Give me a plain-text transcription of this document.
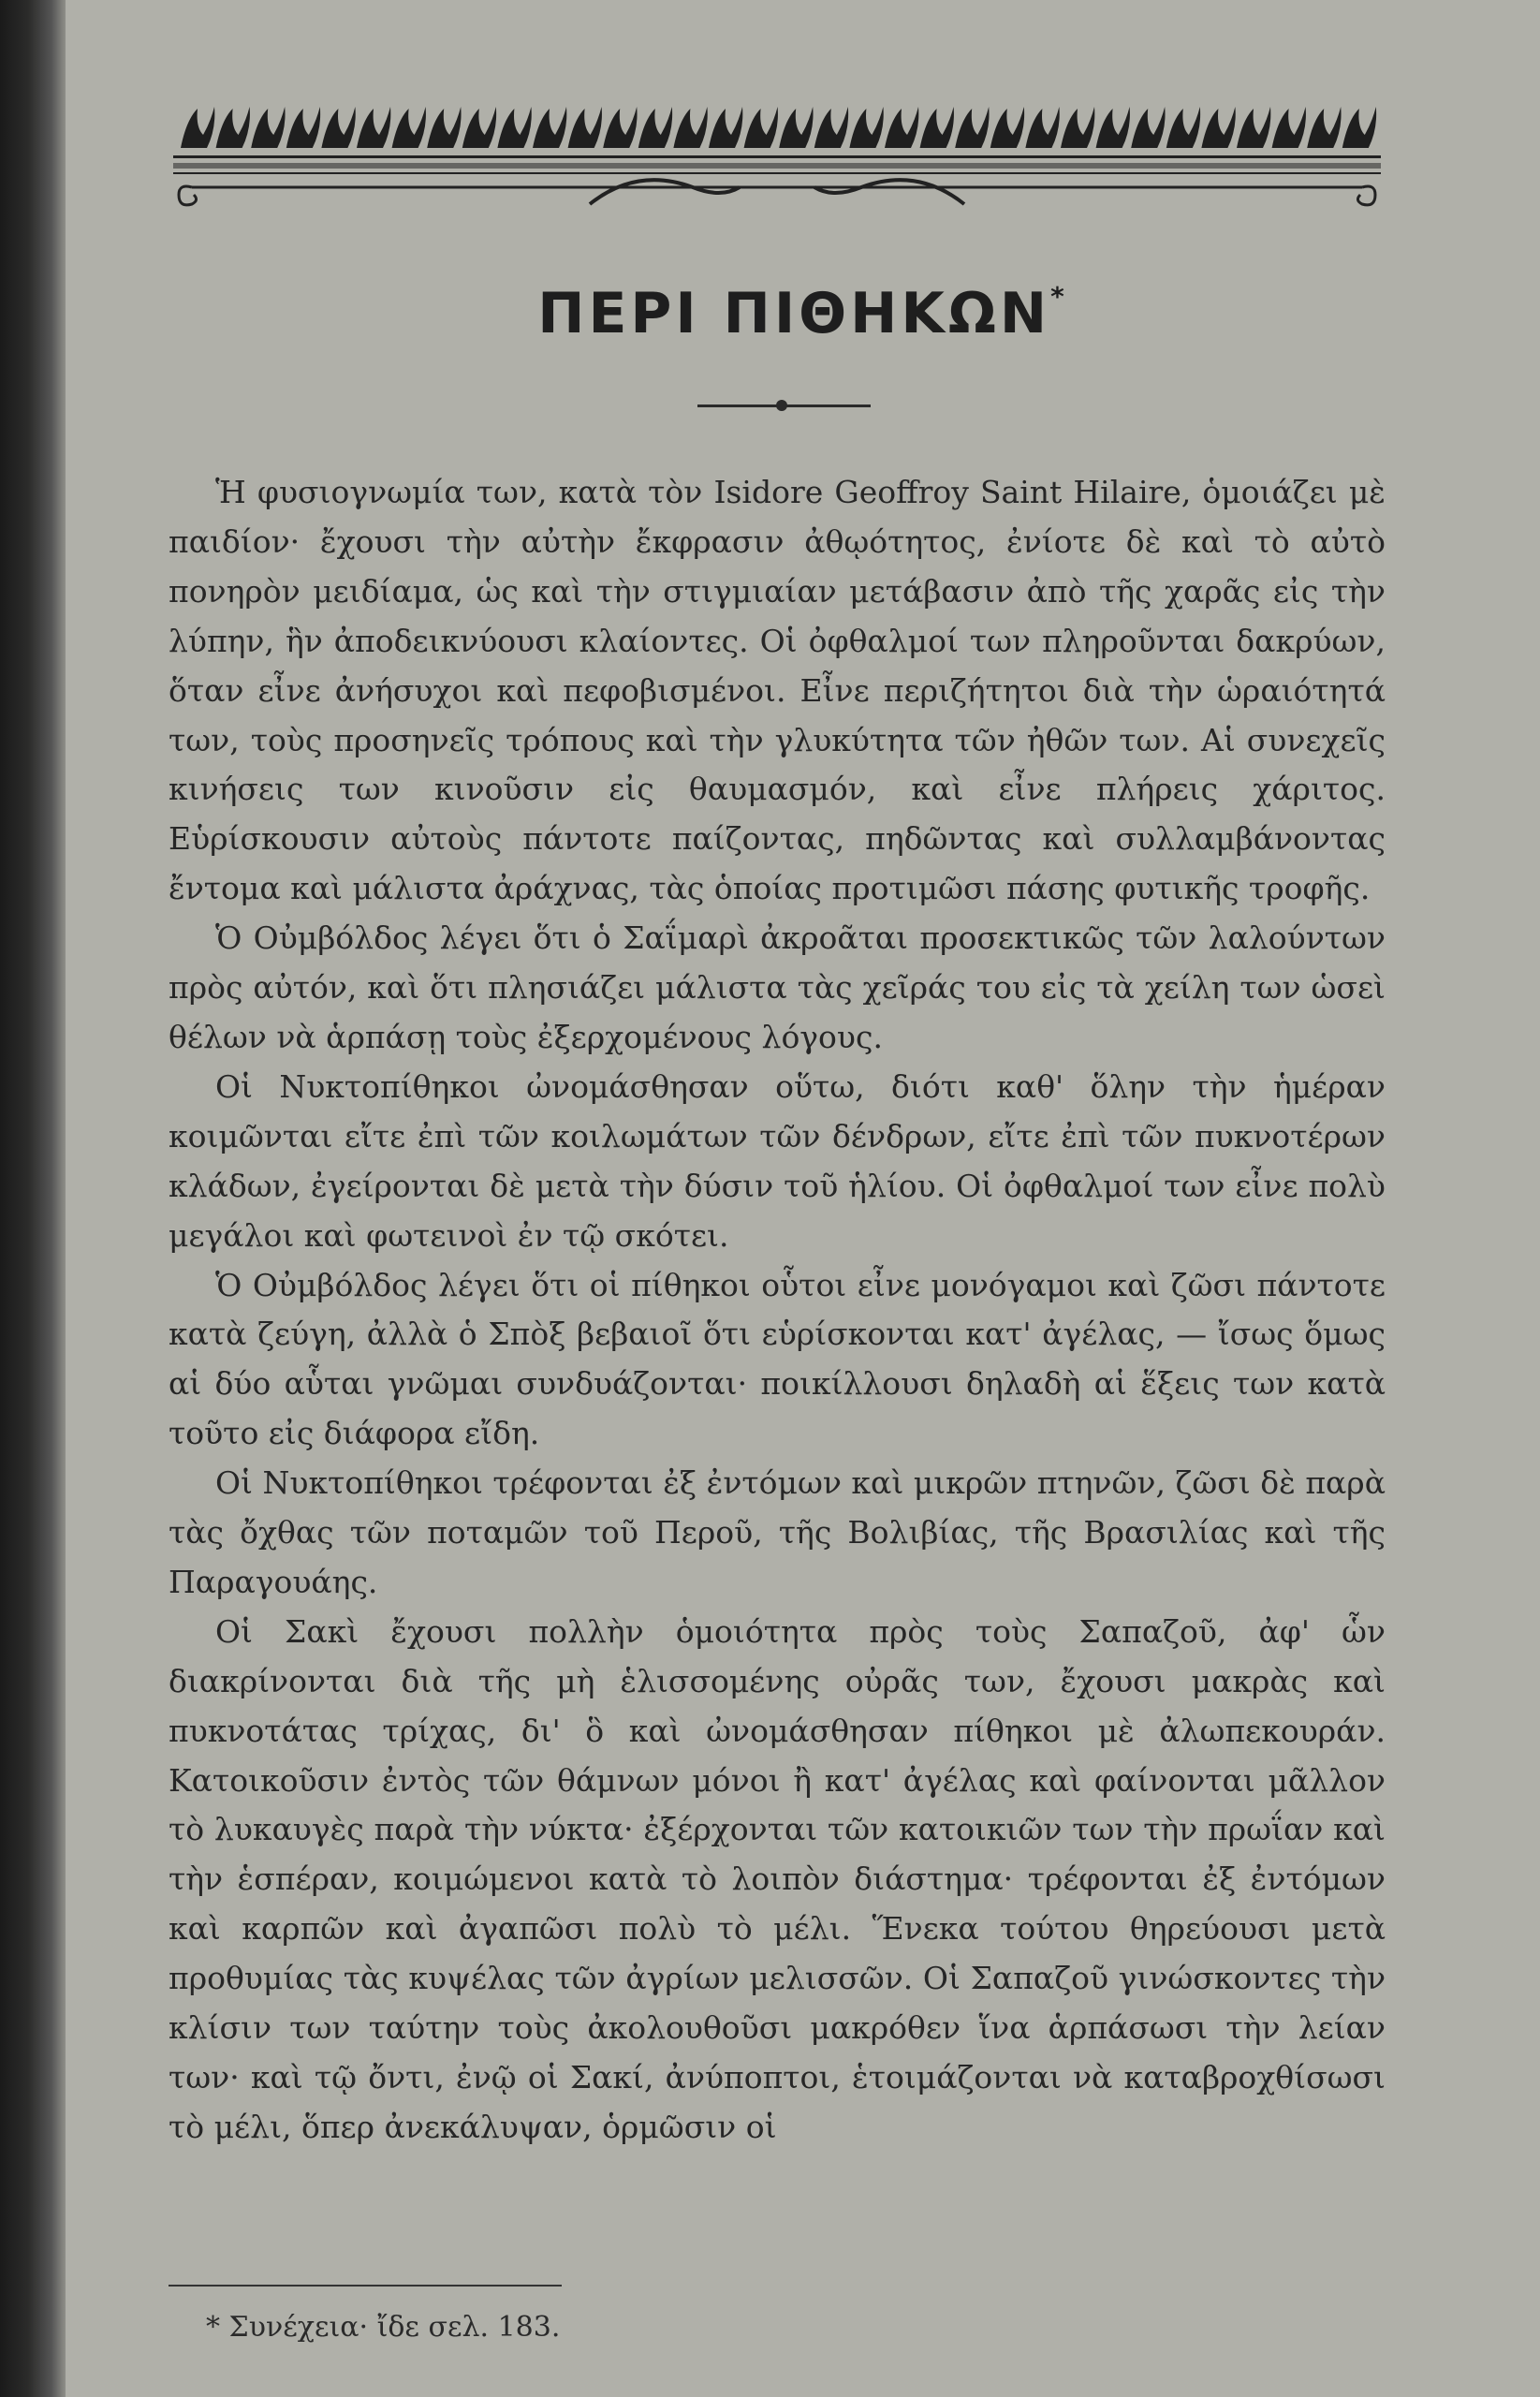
ΠΕΡΙ ΠΙΘΗΚΩΝ*

Ἡ φυσιογνωμία των, κατὰ τὸν Isidore Geoffroy Saint Hilaire, ὁμοιάζει μὲ παιδίον· ἔχουσι τὴν αὐτὴν ἔκφρασιν ἀθῳότητος, ἐνίοτε δὲ καὶ τὸ αὐτὸ πονηρὸν μειδίαμα, ὡς καὶ τὴν στιγμιαίαν μετάβασιν ἀπὸ τῆς χαρᾶς εἰς τὴν λύπην, ἣν ἀποδεικνύουσι κλαίοντες. Οἱ ὀφθαλμοί των πληροῦνται δακρύων, ὅταν εἶνε ἀνήσυχοι καὶ πεφοβισμένοι. Εἶνε περιζήτητοι διὰ τὴν ὡραιότητά των, τοὺς προσηνεῖς τρόπους καὶ τὴν γλυκύτητα τῶν ἠθῶν των. Αἱ συνεχεῖς κινήσεις των κινοῦσιν εἰς θαυμασμόν, καὶ εἶνε πλήρεις χάριτος. Εὑρίσκουσιν αὐτοὺς πάντοτε παίζοντας, πηδῶντας καὶ συλλαμβάνοντας ἔντομα καὶ μάλιστα ἀράχνας, τὰς ὁποίας προτιμῶσι πάσης φυτικῆς τροφῆς.

Ὁ Οὐμβόλδος λέγει ὅτι ὁ Σαΐμαρὶ ἀκροᾶται προσεκτικῶς τῶν λαλούντων πρὸς αὐτόν, καὶ ὅτι πλησιάζει μάλιστα τὰς χεῖράς του εἰς τὰ χείλη των ὡσεὶ θέλων νὰ ἁρπάσῃ τοὺς ἐξερχομένους λόγους.

Οἱ Νυκτοπίθηκοι ὠνομάσθησαν οὕτω, διότι καθ' ὅλην τὴν ἡμέραν κοιμῶνται εἴτε ἐπὶ τῶν κοιλωμάτων τῶν δένδρων, εἴτε ἐπὶ τῶν πυκνοτέρων κλάδων, ἐγείρονται δὲ μετὰ τὴν δύσιν τοῦ ἡλίου. Οἱ ὀφθαλμοί των εἶνε πολὺ μεγάλοι καὶ φωτεινοὶ ἐν τῷ σκότει.

Ὁ Οὐμβόλδος λέγει ὅτι οἱ πίθηκοι οὗτοι εἶνε μονόγαμοι καὶ ζῶσι πάντοτε κατὰ ζεύγη, ἀλλὰ ὁ Σπὸξ βεβαιοῖ ὅτι εὑρίσκονται κατ' ἀγέλας, — ἴσως ὅμως αἱ δύο αὗται γνῶμαι συνδυάζονται· ποικίλλουσι δηλαδὴ αἱ ἕξεις των κατὰ τοῦτο εἰς διάφορα εἴδη.

Οἱ Νυκτοπίθηκοι τρέφονται ἐξ ἐντόμων καὶ μικρῶν πτηνῶν, ζῶσι δὲ παρὰ τὰς ὄχθας τῶν ποταμῶν τοῦ Περοῦ, τῆς Βολιβίας, τῆς Βρασιλίας καὶ τῆς Παραγουάης.

Οἱ Σακὶ ἔχουσι πολλὴν ὁμοιότητα πρὸς τοὺς Σαπαζοῦ, ἀφ' ὧν διακρίνονται διὰ τῆς μὴ ἑλισσομένης οὐρᾶς των, ἔχουσι μακρὰς καὶ πυκνοτάτας τρίχας, δι' ὃ καὶ ὠνομάσθησαν πίθηκοι μὲ ἀλωπεκουράν. Κατοικοῦσιν ἐντὸς τῶν θάμνων μόνοι ἢ κατ' ἀγέλας καὶ φαίνονται μᾶλλον τὸ λυκαυγὲς παρὰ τὴν νύκτα· ἐξέρχονται τῶν κατοικιῶν των τὴν πρωΐαν καὶ τὴν ἑσπέραν, κοιμώμενοι κατὰ τὸ λοιπὸν διάστημα· τρέφονται ἐξ ἐντόμων καὶ καρπῶν καὶ ἀγαπῶσι πολὺ τὸ μέλι. Ἕνεκα τούτου θηρεύουσι μετὰ προθυμίας τὰς κυψέλας τῶν ἀγρίων μελισσῶν. Οἱ Σαπαζοῦ γινώσκοντες τὴν κλίσιν των ταύτην τοὺς ἀκολουθοῦσι μακρόθεν ἵνα ἁρπάσωσι τὴν λείαν των· καὶ τῷ ὄντι, ἐνῷ οἱ Σακί, ἀνύποπτοι, ἑτοιμάζονται νὰ καταβροχθίσωσι τὸ μέλι, ὅπερ ἀνεκάλυψαν, ὁρμῶσιν οἱ

* Συνέχεια· ἴδε σελ. 183.
